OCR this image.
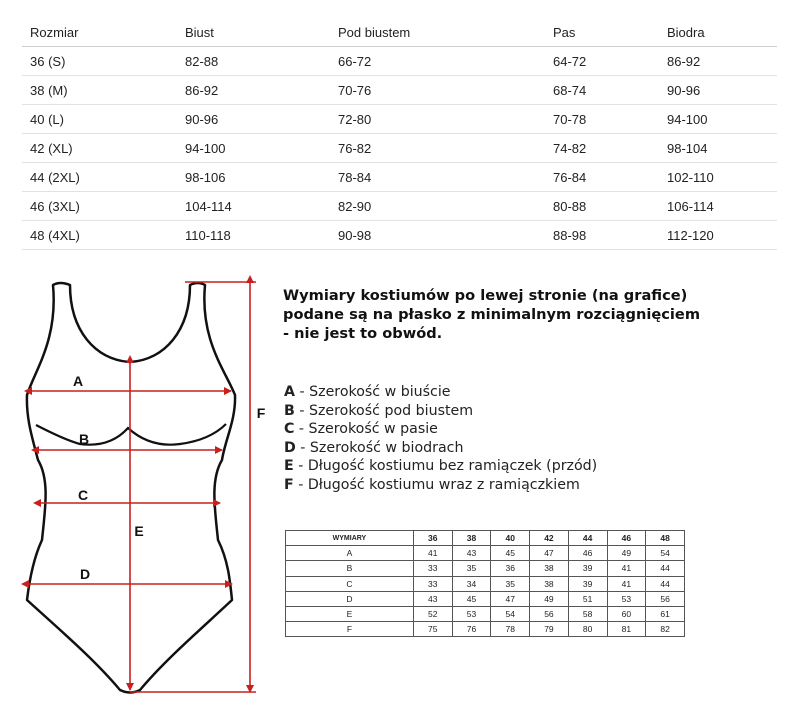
Rozmiar	Biust	Pod biustem	Pas	Biodra
36 (S)	82-88	66-72	64-72	86-92
38 (M)	86-92	70-76	68-74	90-96
40 (L)	90-96	72-80	70-78	94-100
42 (XL)	94-100	76-82	74-82	98-104
44 (2XL)	98-106	78-84	76-84	102-110
46 (3XL)	104-114	82-90	80-88	106-114
48 (4XL)	110-118	90-98	88-98	112-120
A
B
C
D
E
F
Wymiary kostiumów po lewej stronie (na grafice)
podane są na płasko z minimalnym rozciągnięciem
- nie jest to obwód.
A - Szerokość w biuście
B - Szerokość pod biustem
C - Szerokość w pasie
D - Szerokość w biodrach
E - Długość kostiumu bez ramiączek (przód)
F - Długość kostiumu wraz z ramiączkiem
WYMIARY	36	38	40	42	44	46	48
A	41	43	45	47	46	49	54
B	33	35	36	38	39	41	44
C	33	34	35	38	39	41	44
D	43	45	47	49	51	53	56
E	52	53	54	56	58	60	61
F	75	76	78	79	80	81	82
